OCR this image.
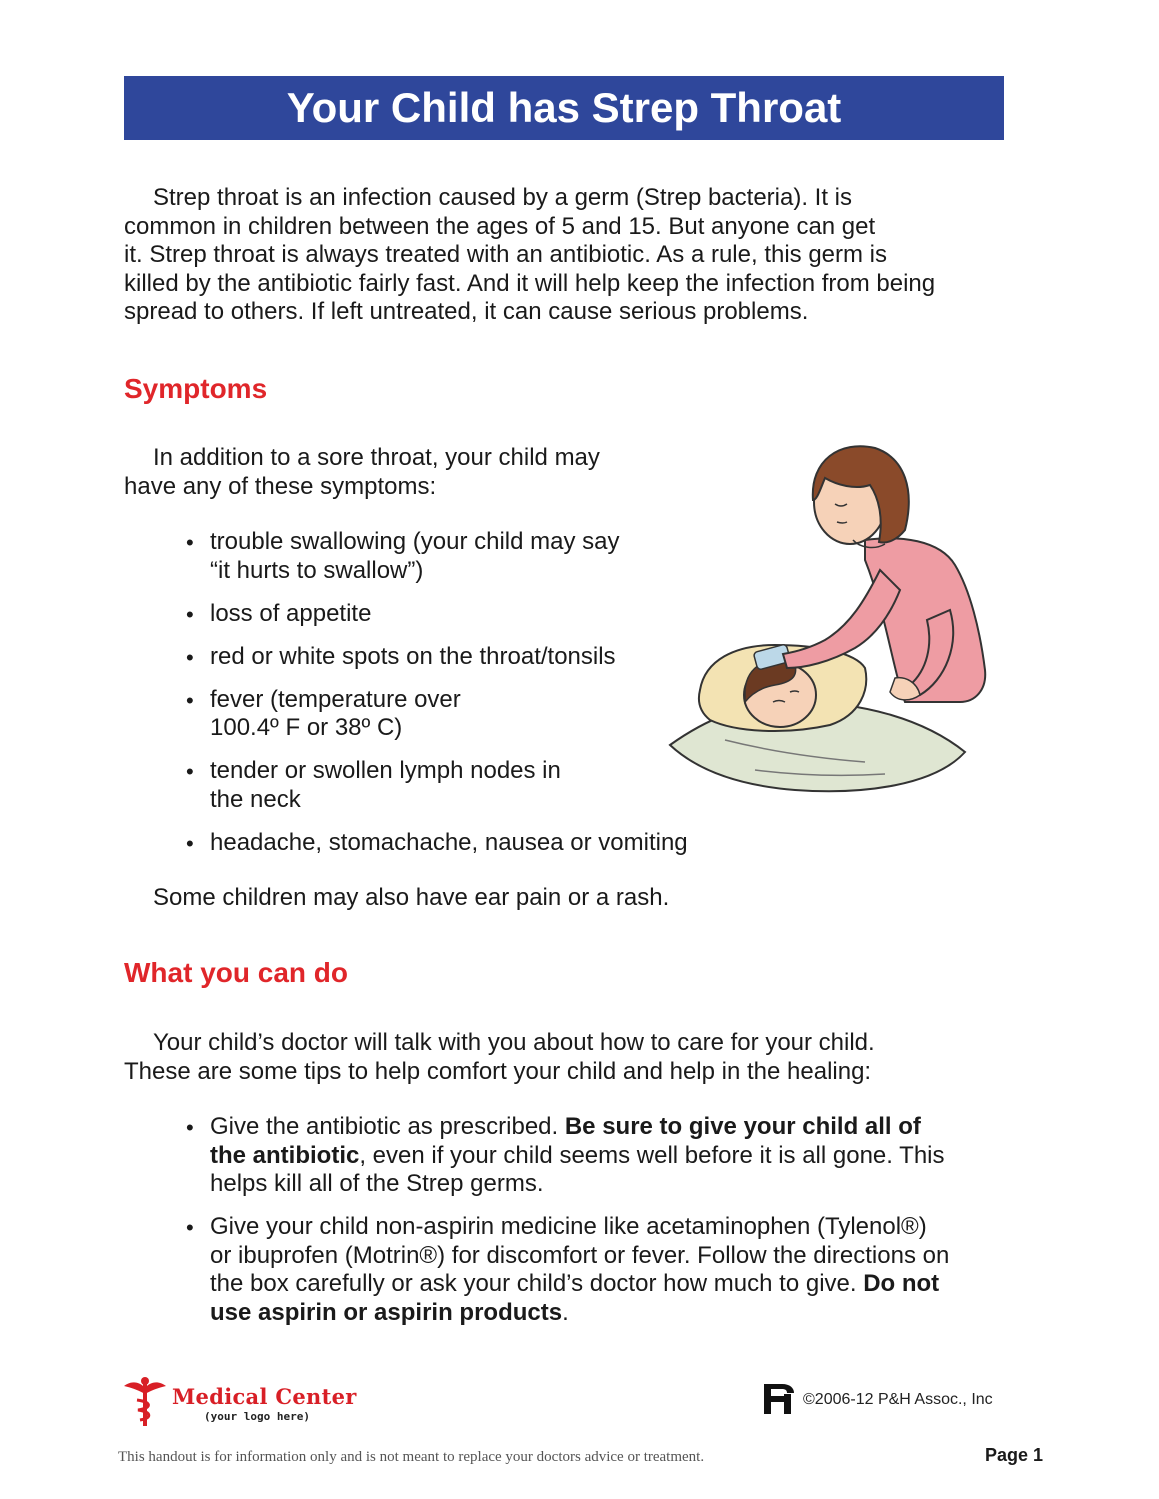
Your Child has Strep Throat

Strep throat is an infection caused by a germ (Strep bacteria). It is
common in children between the ages of 5 and 15. But anyone can get
it. Strep throat is always treated with an antibiotic. As a rule, this germ is
killed by the antibiotic fairly fast. And it will help keep the infection from being
spread to others. If left untreated, it can cause serious problems.

Symptoms

In addition to a sore throat, your child may
have any of these symptoms:

• trouble swallowing (your child may say
“it hurts to swallow”)
• loss of appetite
• red or white spots on the throat/tonsils
• fever (temperature over
100.4º F or 38º C)
• tender or swollen lymph nodes in
the neck
• headache, stomachache, nausea or vomiting

Some children may also have ear pain or a rash.

What you can do

Your child’s doctor will talk with you about how to care for your child.
These are some tips to help comfort your child and help in the healing:

• Give the antibiotic as prescribed. Be sure to give your child all of
the antibiotic, even if your child seems well before it is all gone. This
helps kill all of the Strep germs.
• Give your child non-aspirin medicine like acetaminophen (Tylenol®)
or ibuprofen (Motrin®) for discomfort or fever. Follow the directions on
the box carefully or ask your child’s doctor how much to give. Do not
use aspirin or aspirin products.
Medical Center
(your logo here)
©2006-12 P&H Assoc., Inc
This handout is for information only and is not meant to replace your doctors advice or treatment.	Page 1
